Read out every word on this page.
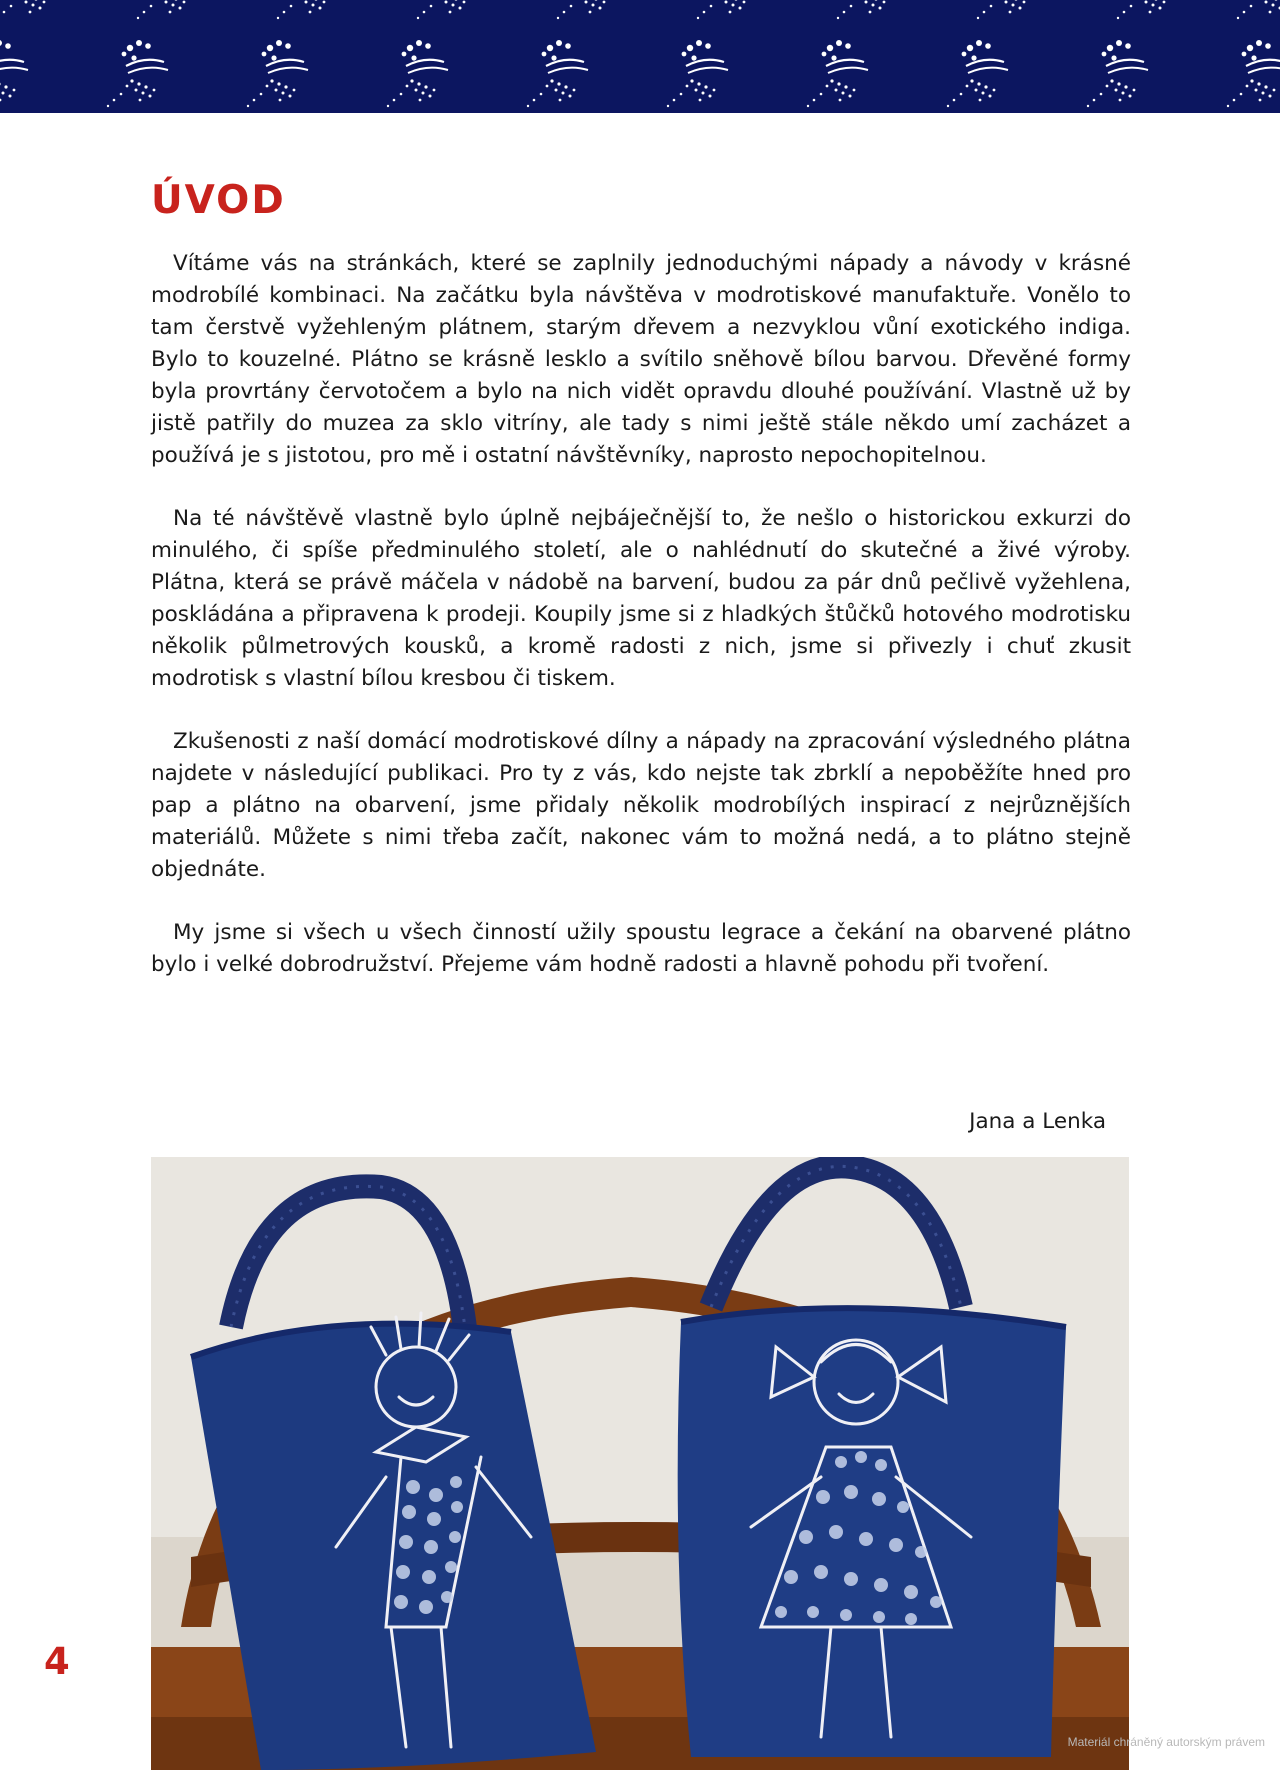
ÚVOD

Vítáme vás na stránkách, které se zaplnily jednoduchými nápady a návody v krásné modrobílé kombinaci. Na začátku byla návštěva v modrotiskové manufaktuře. Vonělo to tam čerstvě vyžehleným plátnem, starým dřevem a nezvyklou vůní exotického indiga. Bylo to kouzelné. Plátno se krásně lesklo a svítilo sněhově bílou barvou. Dřevěné formy byla provrtány červotočem a bylo na nich vidět opravdu dlouhé používání. Vlastně už by jistě patřily do muzea za sklo vitríny, ale tady s nimi ještě stále někdo umí zacházet a používá je s jistotou, pro mě i ostatní návštěvníky, naprosto nepochopitelnou.

Na té návštěvě vlastně bylo úplně nejbáječnější to, že nešlo o historickou exkurzi do minulého, či spíše předminulého století, ale o nahlédnutí do skutečné a živé výroby. Plátna, která se právě máčela v nádobě na barvení, budou za pár dnů pečlivě vyžehlena, poskládána a připravena k prodeji. Koupily jsme si z hladkých štůčků hotového modrotisku několik půlmetrových kousků, a kromě radosti z nich, jsme si přivezly i chuť zkusit modrotisk s vlastní bílou kresbou či tiskem.

Zkušenosti z naší domácí modrotiskové dílny a nápady na zpracování výsledného plátna najdete v následující publikaci. Pro ty z vás, kdo nejste tak zbrklí a nepoběžíte hned pro pap a plátno na obarvení, jsme přidaly několik modrobílých inspirací z nejrůznějších materiálů. Můžete s nimi třeba začít, nakonec vám to možná nedá, a to plátno stejně objednáte.

My jsme si všech u všech činností užily spoustu legrace a čekání na obarvené plátno bylo i velké dobrodružství. Přejeme vám hodně radosti a hlavně pohodu při tvoření.

Jana a Lenka
4
Materiál chráněný autorským právem
